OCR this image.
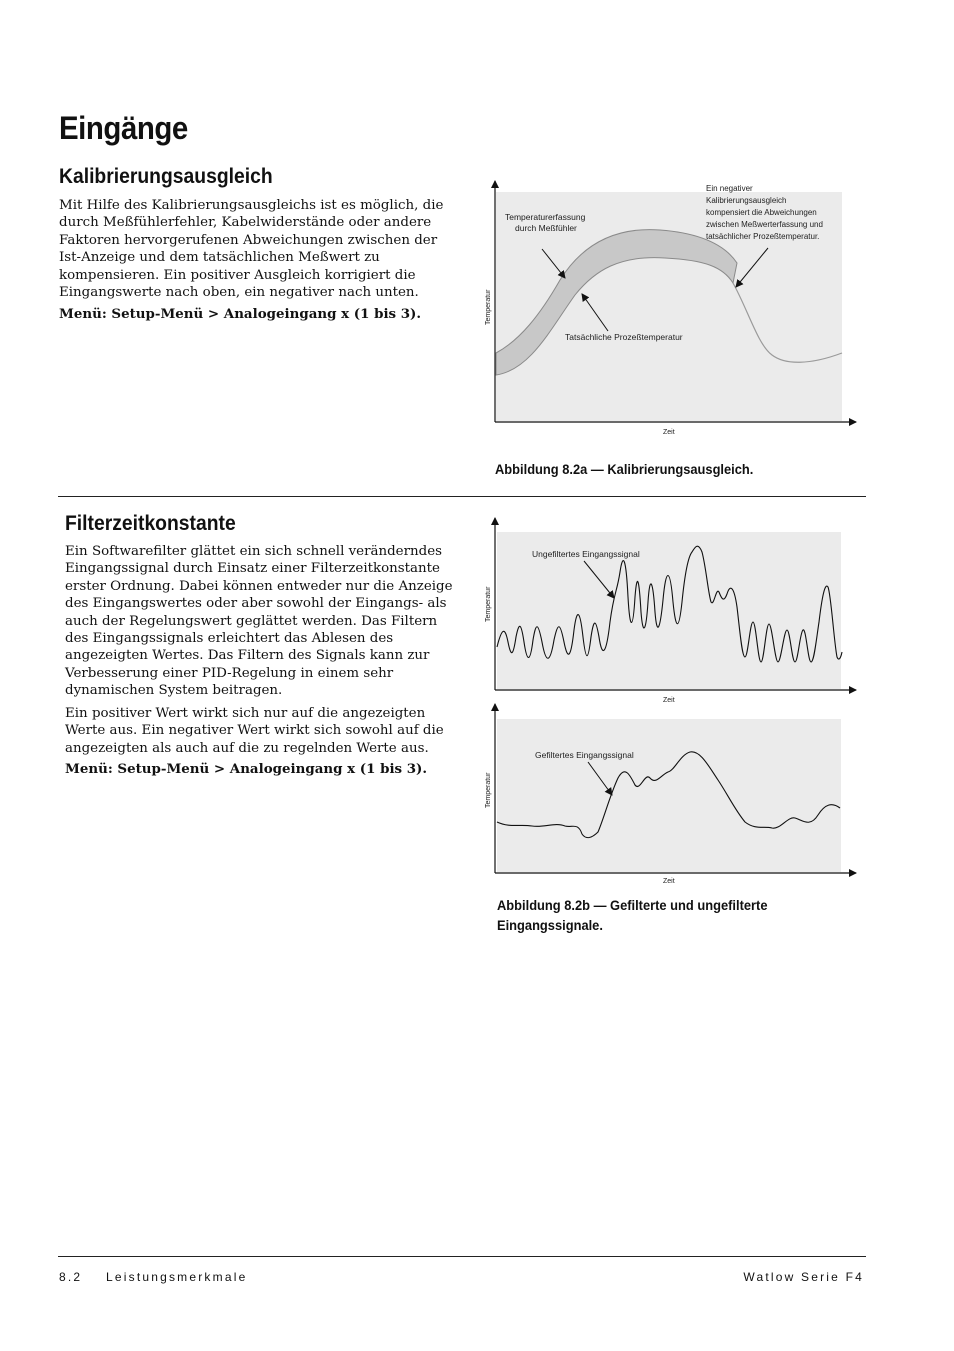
Eingänge
Kalibrierungsausgleich

Mit Hilfe des Kalibrierungsausgleichs ist es möglich, die durch Meßfühlerfehler, Kabelwiderstände oder andere Faktoren hervorgerufenen Abweichungen zwischen der Ist-Anzeige und dem tatsächlichen Meßwert zu kompensieren. Ein positiver Ausgleich korrigiert die Eingangswerte nach oben, ein negativer nach unten.

Menü: Setup-Menü > Analogeingang x (1 bis 3).

Temperaturerfassung
durch Meßfühler
Tatsächliche Prozeßtemperatur
Ein negativer
Kalibrierungsausgleich
kompensiert die Abweichungen
zwischen Meßwerterfassung und
tatsächlicher Prozeßtemperatur.
Temperatur
Zeit

Abbildung 8.2a — Kalibrierungsausgleich.

Filterzeitkonstante

Ein Softwarefilter glättet ein sich schnell veränderndes Eingangssignal durch Einsatz einer Filterzeitkonstante erster Ordnung. Dabei können entweder nur die Anzeige des Eingangswertes oder aber sowohl der Eingangs- als auch der Regelungswert geglättet werden. Das Filtern des Eingangssignals erleichtert das Ablesen des angezeigten Wertes. Das Filtern des Signals kann zur Verbesserung einer PID-Regelung in einem sehr dynamischen System beitragen.

Ein positiver Wert wirkt sich nur auf die angezeigten Werte aus. Ein negativer Wert wirkt sich sowohl auf die angezeigten als auch auf die zu regelnden Werte aus.

Menü: Setup-Menü > Analogeingang x (1 bis 3).

Ungefiltertes Eingangssignal
Temperatur
Zeit
Gefiltertes Eingangssignal
Temperatur
Zeit

Abbildung 8.2b — Gefilterte und ungefilterte Eingangssignale.

8.2 Leistungsmerkmale	Watlow Serie F4
